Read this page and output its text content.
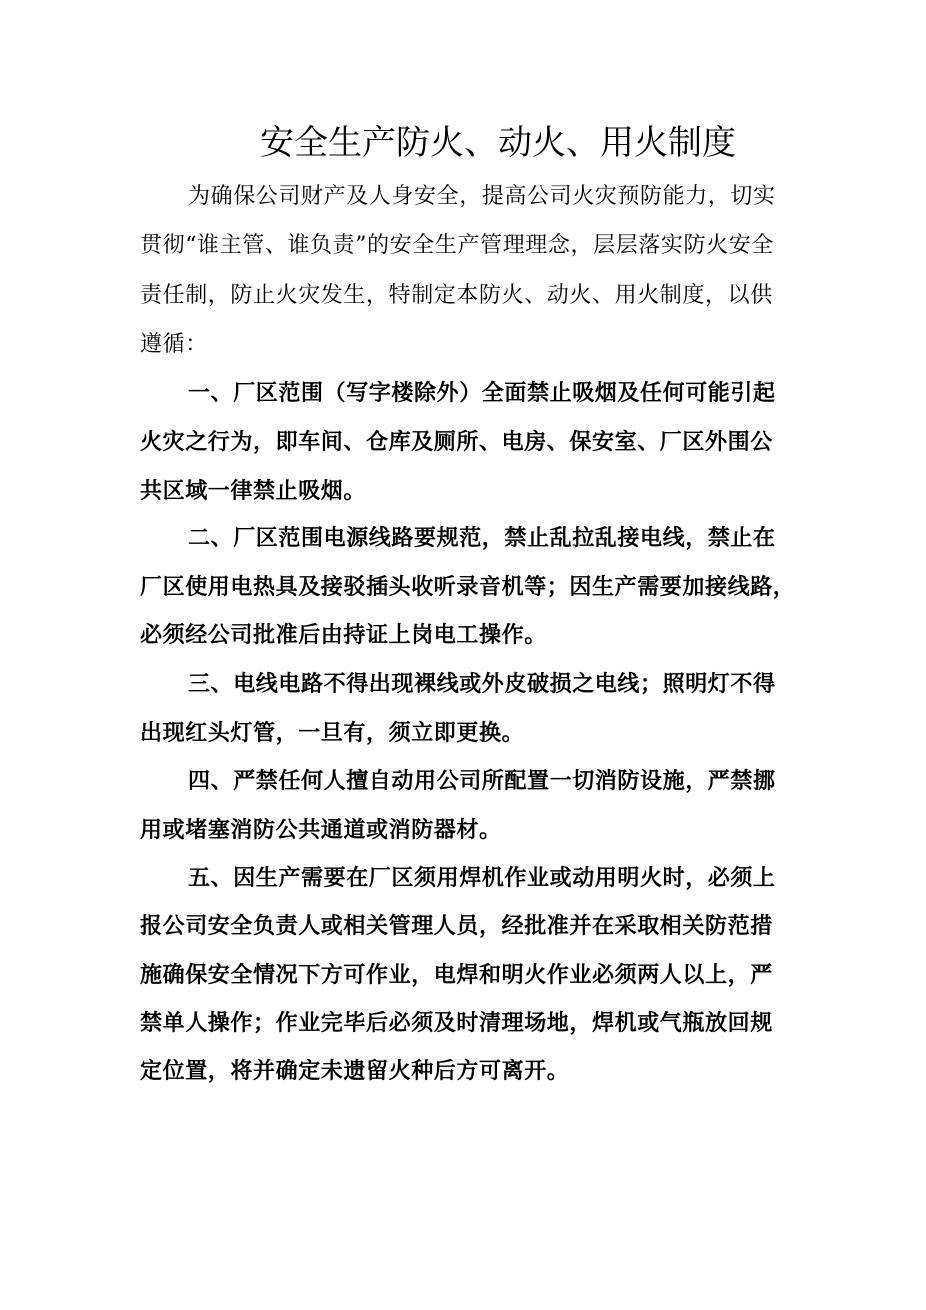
安全生产防火、动火、用火制度
为确保公司财产及人身安全，提高公司火灾预防能力，切实
贯彻“谁主管、谁负责”的安全生产管理理念，层层落实防火安全
责任制，防止火灾发生，特制定本防火、动火、用火制度，以供
遵循：
一、厂区范围（写字楼除外）全面禁止吸烟及任何可能引起
火灾之行为，即车间、仓库及厕所、电房、保安室、厂区外围公
共区域一律禁止吸烟。
二、厂区范围电源线路要规范，禁止乱拉乱接电线，禁止在
厂区使用电热具及接驳插头收听录音机等；因生产需要加接线路，
必须经公司批准后由持证上岗电工操作。
三、电线电路不得出现裸线或外皮破损之电线；照明灯不得
出现红头灯管，一旦有，须立即更换。
四、严禁任何人擅自动用公司所配置一切消防设施，严禁挪
用或堵塞消防公共通道或消防器材。
五、因生产需要在厂区须用焊机作业或动用明火时，必须上
报公司安全负责人或相关管理人员，经批准并在采取相关防范措
施确保安全情况下方可作业，电焊和明火作业必须两人以上，严
禁单人操作；作业完毕后必须及时清理场地，焊机或气瓶放回规
定位置，将并确定未遗留火种后方可离开。
